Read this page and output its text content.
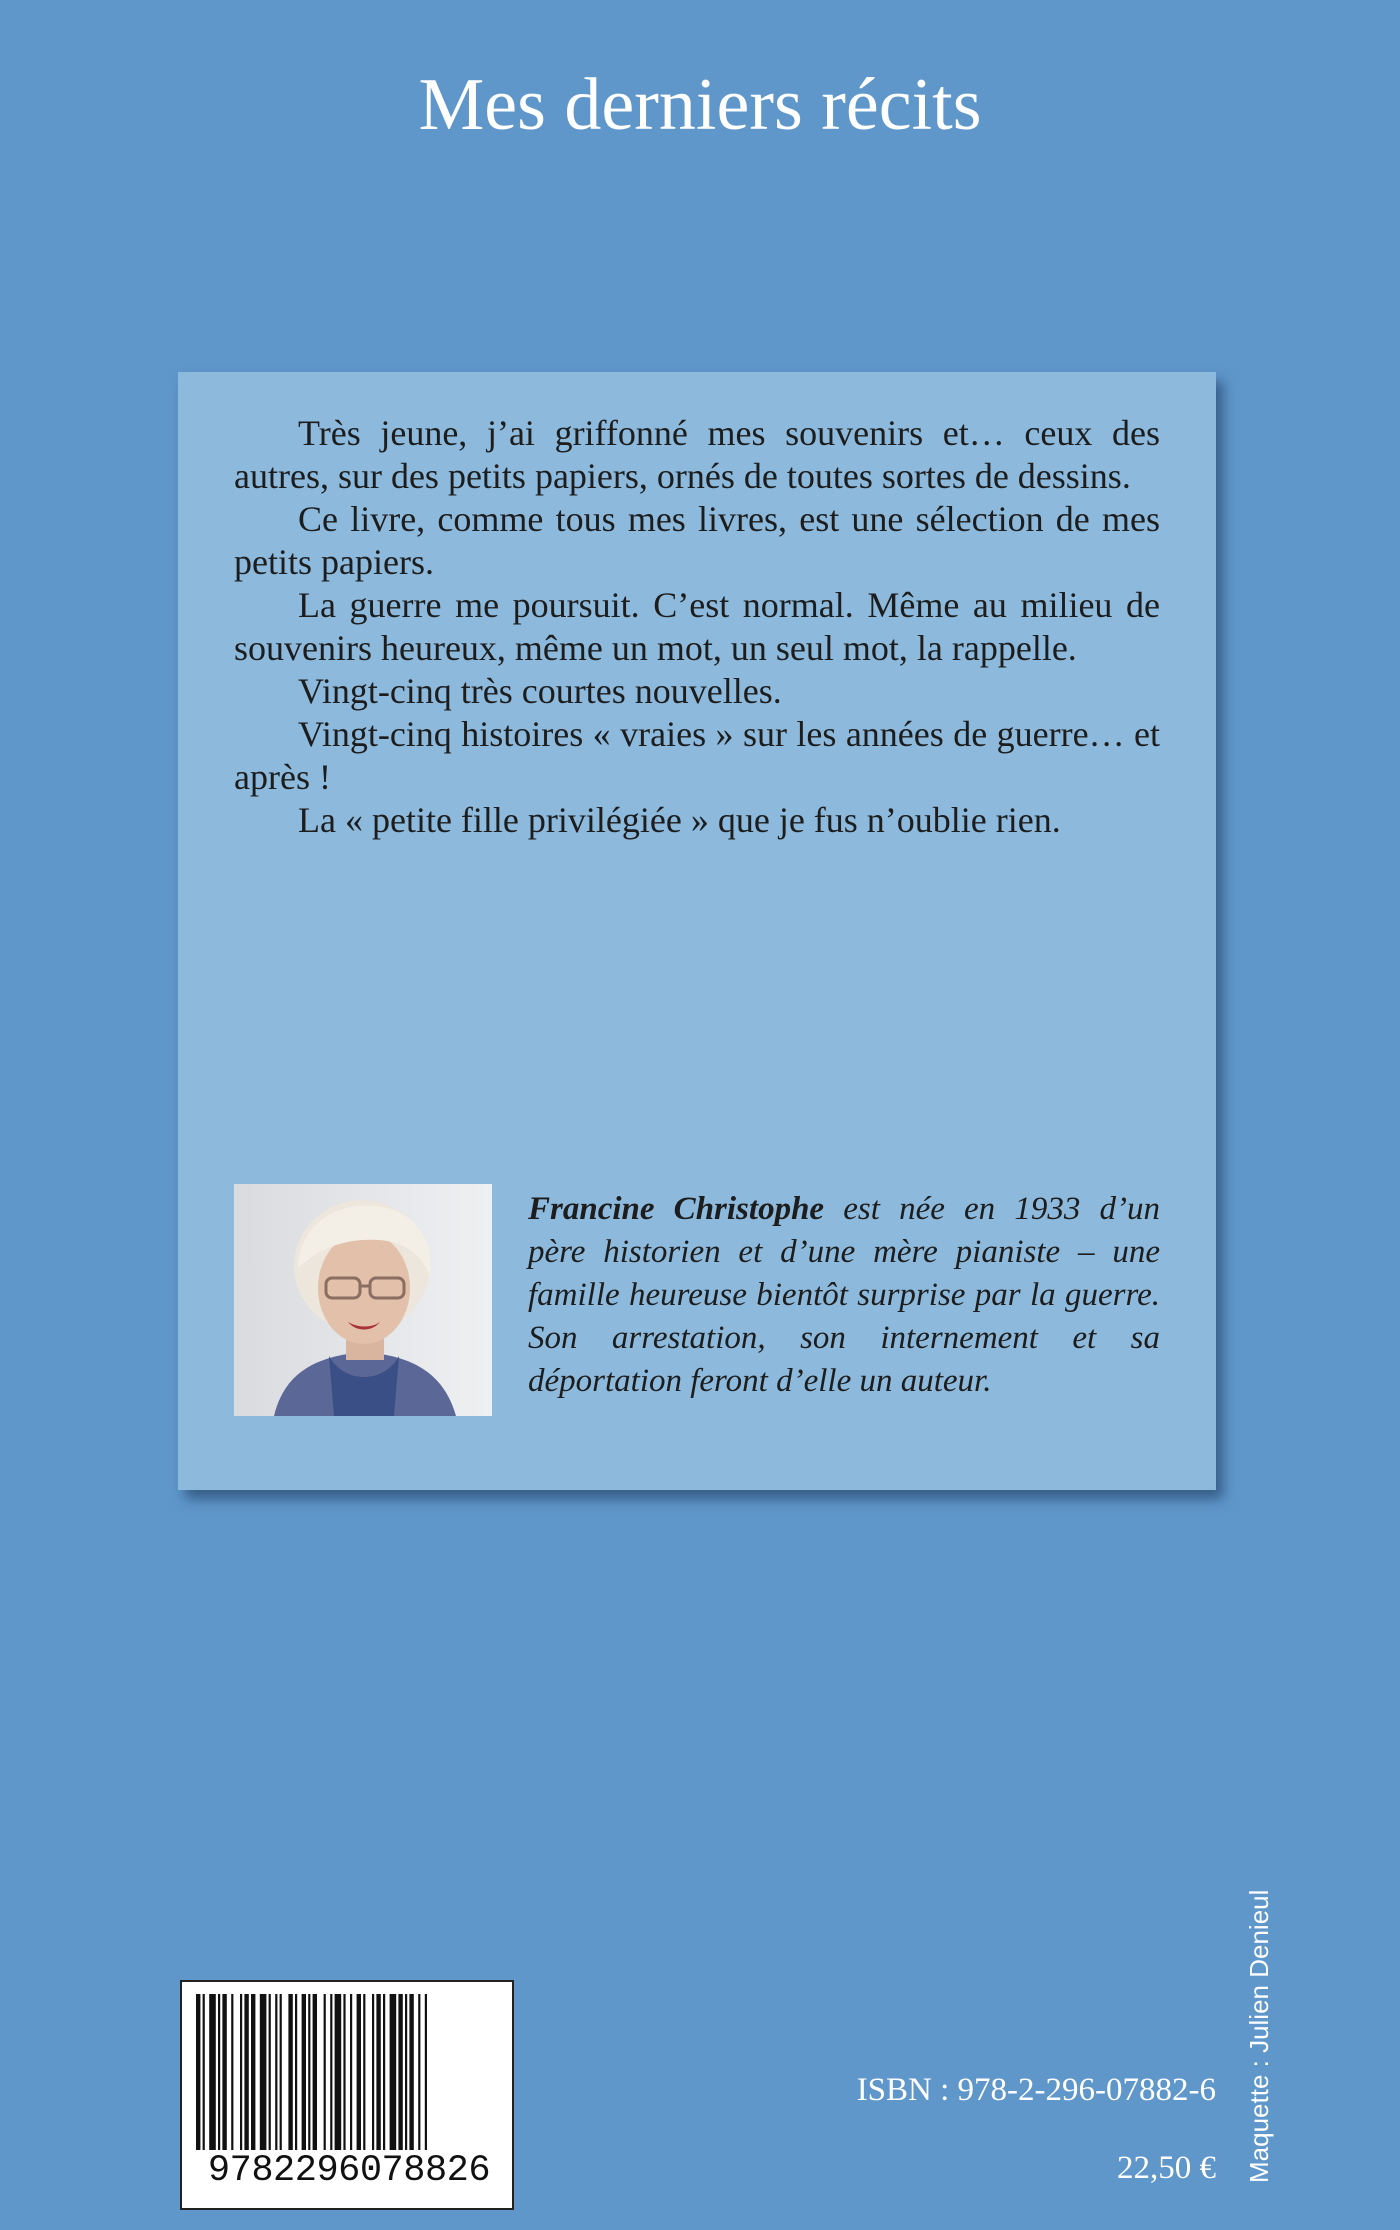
Mes derniers récits

Très jeune, j’ai griffonné mes souvenirs et… ceux des autres, sur des petits papiers, ornés de toutes sortes de dessins.

Ce livre, comme tous mes livres, est une sélection de mes petits papiers.

La guerre me poursuit. C’est normal. Même au milieu de souvenirs heureux, même un mot, un seul mot, la rappelle.

Vingt-cinq très courtes nouvelles.

Vingt-cinq histoires « vraies » sur les années de guerre… et après !

La « petite fille privilégiée » que je fus n’oublie rien.

Francine Christophe est née en 1933 d’un père historien et d’une mère pianiste – une famille heureuse bientôt surprise par la guerre. Son arrestation, son internement et sa déportation feront d’elle un auteur.

9782296078826
ISBN : 978-2-296-07882-6
22,50 € Maquette : Julien Denieul
